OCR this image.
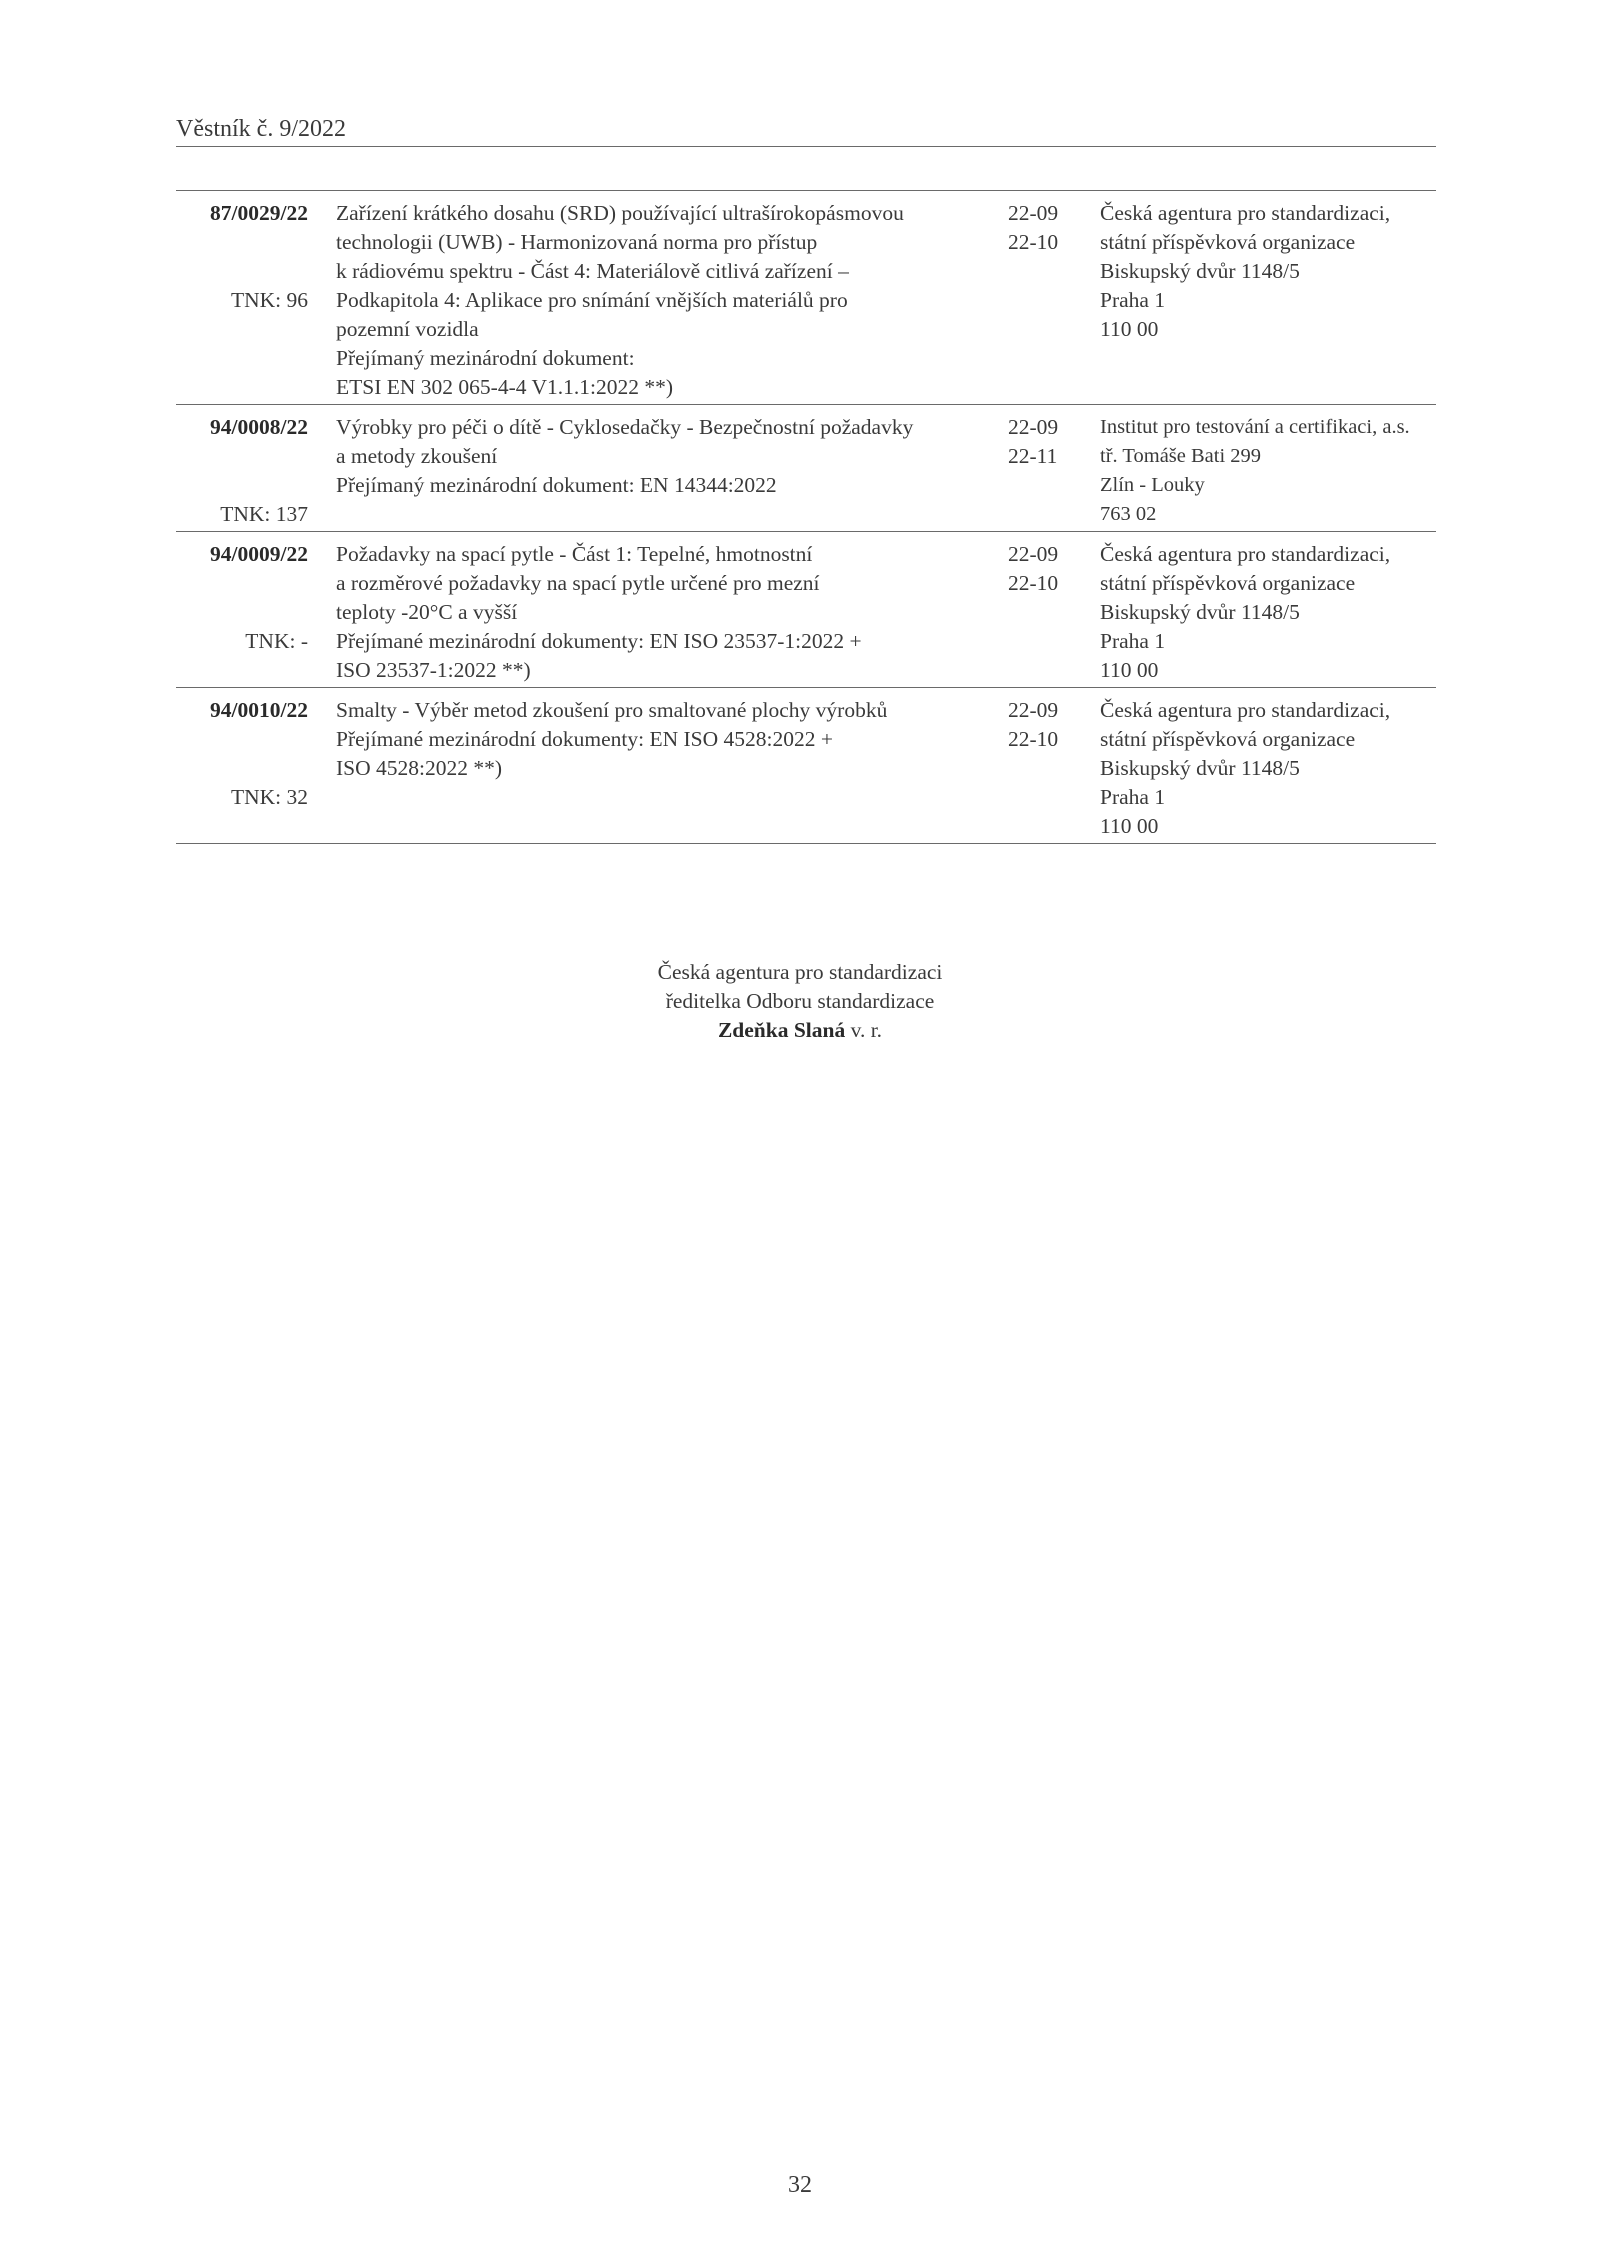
Věstník č. 9/2022
87/0029/22

TNK: 96
Zařízení krátkého dosahu (SRD) používající ultrašírokopásmovou
technologii (UWB) - Harmonizovaná norma pro přístup
k rádiovému spektru - Část 4: Materiálově citlivá zařízení –
Podkapitola 4: Aplikace pro snímání vnějších materiálů pro
pozemní vozidla
Přejímaný mezinárodní dokument:
ETSI EN 302 065-4-4 V1.1.1:2022 **)
22-09
22-10
Česká agentura pro standardizaci,
státní příspěvková organizace
Biskupský dvůr 1148/5
Praha 1
110 00
94/0008/22

TNK: 137
Výrobky pro péči o dítě - Cyklosedačky - Bezpečnostní požadavky
a metody zkoušení
Přejímaný mezinárodní dokument: EN 14344:2022

22-09
22-11
Institut pro testování a certifikaci, a.s.
tř. Tomáše Bati 299
Zlín - Louky
763 02
94/0009/22

TNK: -
Požadavky na spací pytle - Část 1: Tepelné, hmotnostní
a rozměrové požadavky na spací pytle určené pro mezní
teploty -20°C a vyšší
Přejímané mezinárodní dokumenty: EN ISO 23537-1:2022 +
ISO 23537-1:2022 **)
22-09
22-10
Česká agentura pro standardizaci,
státní příspěvková organizace
Biskupský dvůr 1148/5
Praha 1
110 00
94/0010/22

TNK: 32
Smalty - Výběr metod zkoušení pro smaltované plochy výrobků
Přejímané mezinárodní dokumenty: EN ISO 4528:2022 +
ISO 4528:2022 **)

22-09
22-10
Česká agentura pro standardizaci,
státní příspěvková organizace
Biskupský dvůr 1148/5
Praha 1
110 00
Česká agentura pro standardizaci
ředitelka Odboru standardizace
Zdeňka Slaná v. r.
32
